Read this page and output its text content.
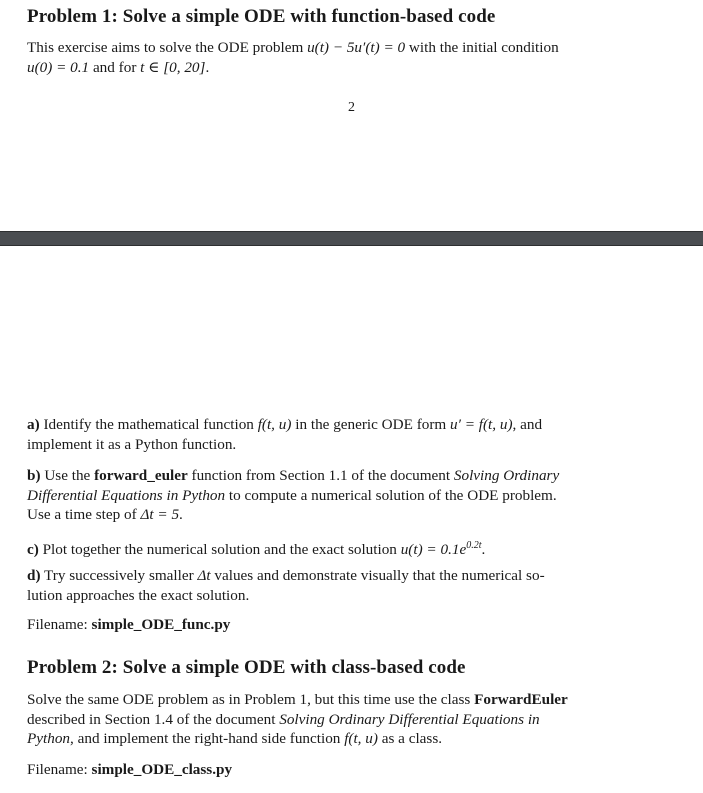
Problem 1: Solve a simple ODE with function-based code

This exercise aims to solve the ODE problem u(t) − 5u′(t) = 0 with the initial condition
u(0) = 0.1 and for t ∈ [0, 20].

2

a) Identify the mathematical function f(t, u) in the generic ODE form u′ = f(t, u), and
implement it as a Python function.

b) Use the forward_euler function from Section 1.1 of the document Solving Ordinary
Differential Equations in Python to compute a numerical solution of the ODE problem.
Use a time step of Δt = 5.

c) Plot together the numerical solution and the exact solution $u(t) = 0.1e^{0.2t}$.

d) Try successively smaller Δt values and demonstrate visually that the numerical so-
lution approaches the exact solution.

Filename: simple_ODE_func.py

Problem 2: Solve a simple ODE with class-based code

Solve the same ODE problem as in Problem 1, but this time use the class ForwardEuler
described in Section 1.4 of the document Solving Ordinary Differential Equations in
Python, and implement the right-hand side function f(t, u) as a class.

Filename: simple_ODE_class.py
